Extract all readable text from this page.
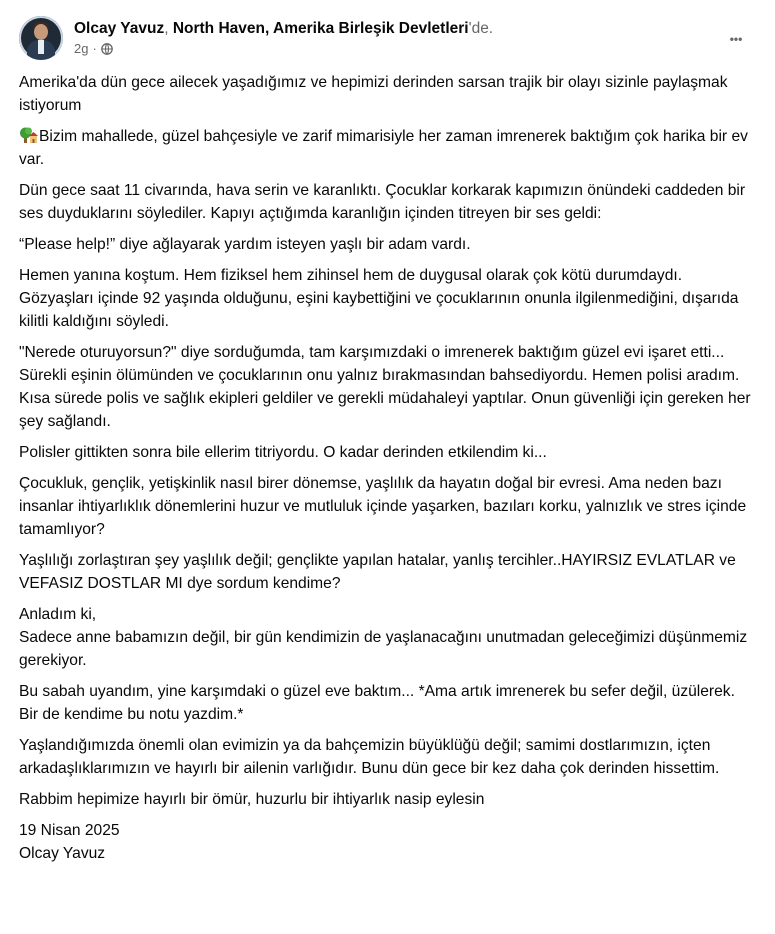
Olcay Yavuz, North Haven, Amerika Birleşik Devletleri'de.
2g ·
•••

Amerika'da dün gece ailecek yaşadığımız ve hepimizi derinden sarsan trajik bir olayı sizinle paylaşmak istiyorum

Bizim mahallede, güzel bahçesiyle ve zarif mimarisiyle her zaman imrenerek baktığım çok harika bir ev var.

Dün gece saat 11 civarında, hava serin ve karanlıktı. Çocuklar korkarak kapımızın önündeki caddeden bir ses duyduklarını söylediler. Kapıyı açtığımda karanlığın içinden titreyen bir ses geldi:

“Please help!” diye ağlayarak yardım isteyen yaşlı bir adam vardı.

Hemen yanına koştum. Hem fiziksel hem zihinsel hem de duygusal olarak çok kötü durumdaydı. Gözyaşları içinde 92 yaşında olduğunu, eşini kaybettiğini ve çocuklarının onunla ilgilenmediğini, dışarıda kilitli kaldığını söyledi.

"Nerede oturuyorsun?" diye sorduğumda, tam karşımızdaki o imrenerek baktığım güzel evi işaret etti...
Sürekli eşinin ölümünden ve çocuklarının onu yalnız bırakmasından bahsediyordu. Hemen polisi aradım. Kısa sürede polis ve sağlık ekipleri geldiler ve gerekli müdahaleyi yaptılar. Onun güvenliği için gereken her şey sağlandı.

Polisler gittikten sonra bile ellerim titriyordu. O kadar derinden etkilendim ki...

Çocukluk, gençlik, yetişkinlik nasıl birer dönemse, yaşlılık da hayatın doğal bir evresi. Ama neden bazı insanlar ihtiyarlıklık dönemlerini huzur ve mutluluk içinde yaşarken, bazıları korku, yalnızlık ve stres içinde tamamlıyor?

Yaşlılığı zorlaştıran şey yaşlılık değil; gençlikte yapılan hatalar, yanlış tercihler..HAYIRSIZ EVLATLAR ve VEFASIZ DOSTLAR MI dye sordum kendime?

Anladım ki,
Sadece anne babamızın değil, bir gün kendimizin de yaşlanacağını unutmadan geleceğimizi düşünmemiz gerekiyor.

Bu sabah uyandım, yine karşımdaki o güzel eve baktım... *Ama artık imrenerek bu sefer değil, üzülerek.
Bir de kendime bu notu yazdim.*

Yaşlandığımızda önemli olan evimizin ya da bahçemizin büyüklüğü değil; samimi dostlarımızın, içten arkadaşlıklarımızın ve hayırlı bir ailenin varlığıdır. Bunu dün gece bir kez daha çok derinden hissettim.

Rabbim hepimize hayırlı bir ömür, huzurlu bir ihtiyarlık nasip eylesin

19 Nisan 2025
Olcay Yavuz
